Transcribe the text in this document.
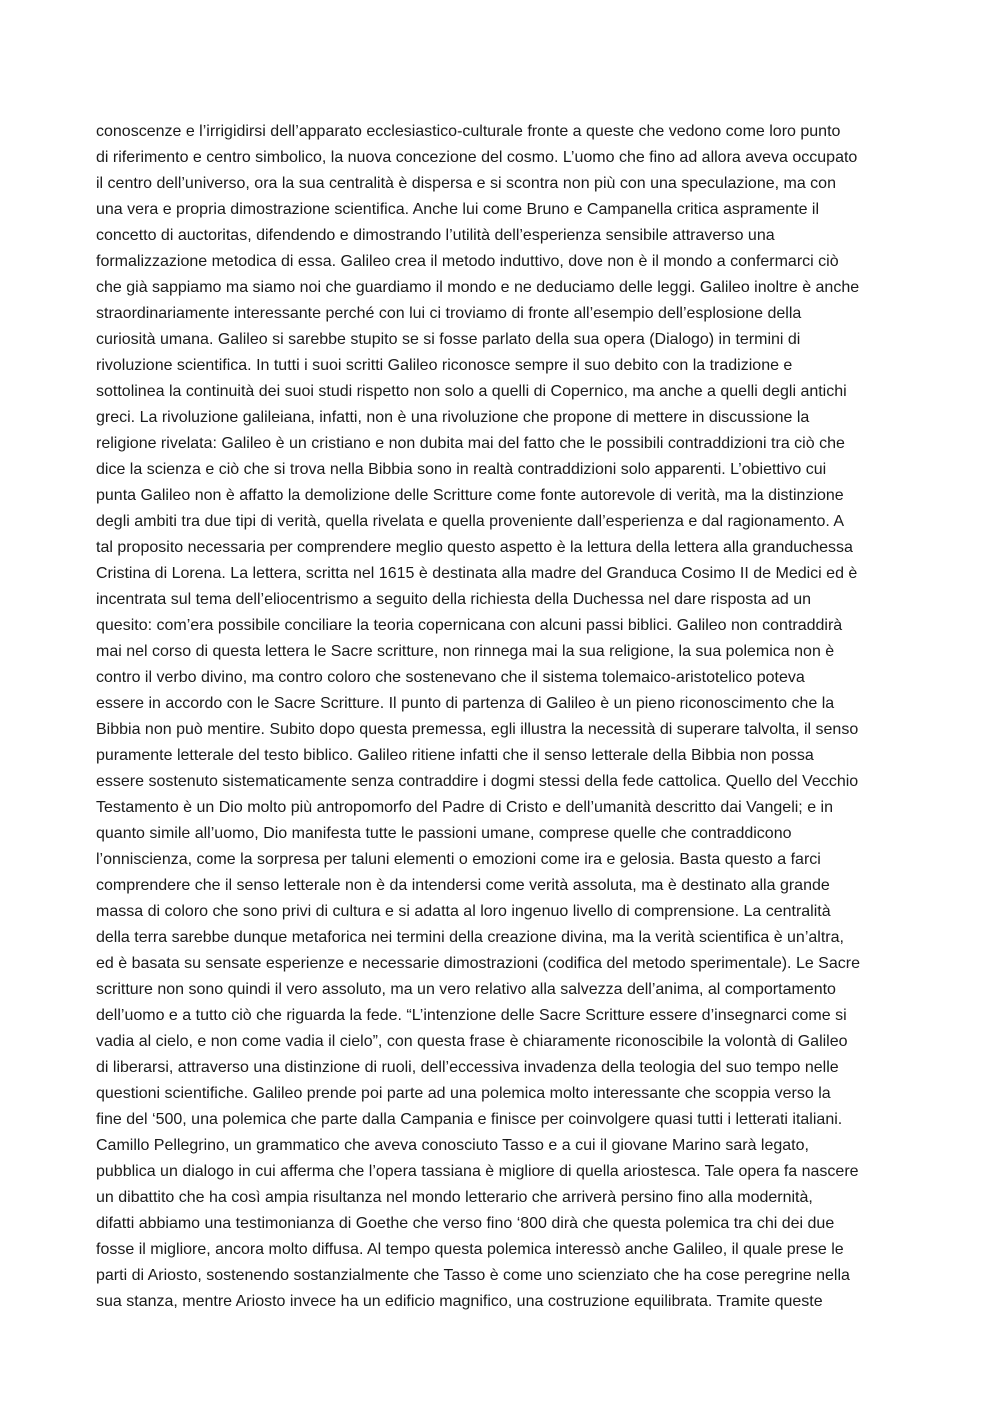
conoscenze e l’irrigidirsi dell’apparato ecclesiastico-culturale fronte a queste che vedono come loro punto
di riferimento e centro simbolico, la nuova concezione del cosmo. L’uomo che fino ad allora aveva occupato
il centro dell’universo, ora la sua centralità è dispersa e si scontra non più con una speculazione, ma con
una vera e propria dimostrazione scientifica. Anche lui come Bruno e Campanella critica aspramente il
concetto di auctoritas, difendendo e dimostrando l’utilità dell’esperienza sensibile attraverso una
formalizzazione metodica di essa. Galileo crea il metodo induttivo, dove non è il mondo a confermarci ciò
che già sappiamo ma siamo noi che guardiamo il mondo e ne deduciamo delle leggi. Galileo inoltre è anche
straordinariamente interessante perché con lui ci troviamo di fronte all’esempio dell’esplosione della
curiosità umana. Galileo si sarebbe stupito se si fosse parlato della sua opera (Dialogo) in termini di
rivoluzione scientifica. In tutti i suoi scritti Galileo riconosce sempre il suo debito con la tradizione e
sottolinea la continuità dei suoi studi rispetto non solo a quelli di Copernico, ma anche a quelli degli antichi
greci. La rivoluzione galileiana, infatti, non è una rivoluzione che propone di mettere in discussione la
religione rivelata: Galileo è un cristiano e non dubita mai del fatto che le possibili contraddizioni tra ciò che
dice la scienza e ciò che si trova nella Bibbia sono in realtà contraddizioni solo apparenti. L’obiettivo cui
punta Galileo non è affatto la demolizione delle Scritture come fonte autorevole di verità, ma la distinzione
degli ambiti tra due tipi di verità, quella rivelata e quella proveniente dall’esperienza e dal ragionamento. A
tal proposito necessaria per comprendere meglio questo aspetto è la lettura della lettera alla granduchessa
Cristina di Lorena. La lettera, scritta nel 1615 è destinata alla madre del Granduca Cosimo II de Medici ed è
incentrata sul tema dell’eliocentrismo a seguito della richiesta della Duchessa nel dare risposta ad un
quesito: com’era possibile conciliare la teoria copernicana con alcuni passi biblici. Galileo non contraddirà
mai nel corso di questa lettera le Sacre scritture, non rinnega mai la sua religione, la sua polemica non è
contro il verbo divino, ma contro coloro che sostenevano che il sistema tolemaico-aristotelico poteva
essere in accordo con le Sacre Scritture. Il punto di partenza di Galileo è un pieno riconoscimento che la
Bibbia non può mentire. Subito dopo questa premessa, egli illustra la necessità di superare talvolta, il senso
puramente letterale del testo biblico. Galileo ritiene infatti che il senso letterale della Bibbia non possa
essere sostenuto sistematicamente senza contraddire i dogmi stessi della fede cattolica. Quello del Vecchio
Testamento è un Dio molto più antropomorfo del Padre di Cristo e dell’umanità descritto dai Vangeli; e in
quanto simile all’uomo, Dio manifesta tutte le passioni umane, comprese quelle che contraddicono
l’onniscienza, come la sorpresa per taluni elementi o emozioni come ira e gelosia. Basta questo a farci
comprendere che il senso letterale non è da intendersi come verità assoluta, ma è destinato alla grande
massa di coloro che sono privi di cultura e si adatta al loro ingenuo livello di comprensione. La centralità
della terra sarebbe dunque metaforica nei termini della creazione divina, ma la verità scientifica è un’altra,
ed è basata su sensate esperienze e necessarie dimostrazioni (codifica del metodo sperimentale). Le Sacre
scritture non sono quindi il vero assoluto, ma un vero relativo alla salvezza dell’anima, al comportamento
dell’uomo e a tutto ciò che riguarda la fede. “L’intenzione delle Sacre Scritture essere d’insegnarci come si
vadia al cielo, e non come vadia il cielo”, con questa frase è chiaramente riconoscibile la volontà di Galileo
di liberarsi, attraverso una distinzione di ruoli, dell’eccessiva invadenza della teologia del suo tempo nelle
questioni scientifiche. Galileo prende poi parte ad una polemica molto interessante che scoppia verso la
fine del ‘500, una polemica che parte dalla Campania e finisce per coinvolgere quasi tutti i letterati italiani.
Camillo Pellegrino, un grammatico che aveva conosciuto Tasso e a cui il giovane Marino sarà legato,
pubblica un dialogo in cui afferma che l’opera tassiana è migliore di quella ariostesca. Tale opera fa nascere
un dibattito che ha così ampia risultanza nel mondo letterario che arriverà persino fino alla modernità,
difatti abbiamo una testimonianza di Goethe che verso fino ‘800 dirà che questa polemica tra chi dei due
fosse il migliore, ancora molto diffusa. Al tempo questa polemica interessò anche Galileo, il quale prese le
parti di Ariosto, sostenendo sostanzialmente che Tasso è come uno scienziato che ha cose peregrine nella
sua stanza, mentre Ariosto invece ha un edificio magnifico, una costruzione equilibrata. Tramite queste
